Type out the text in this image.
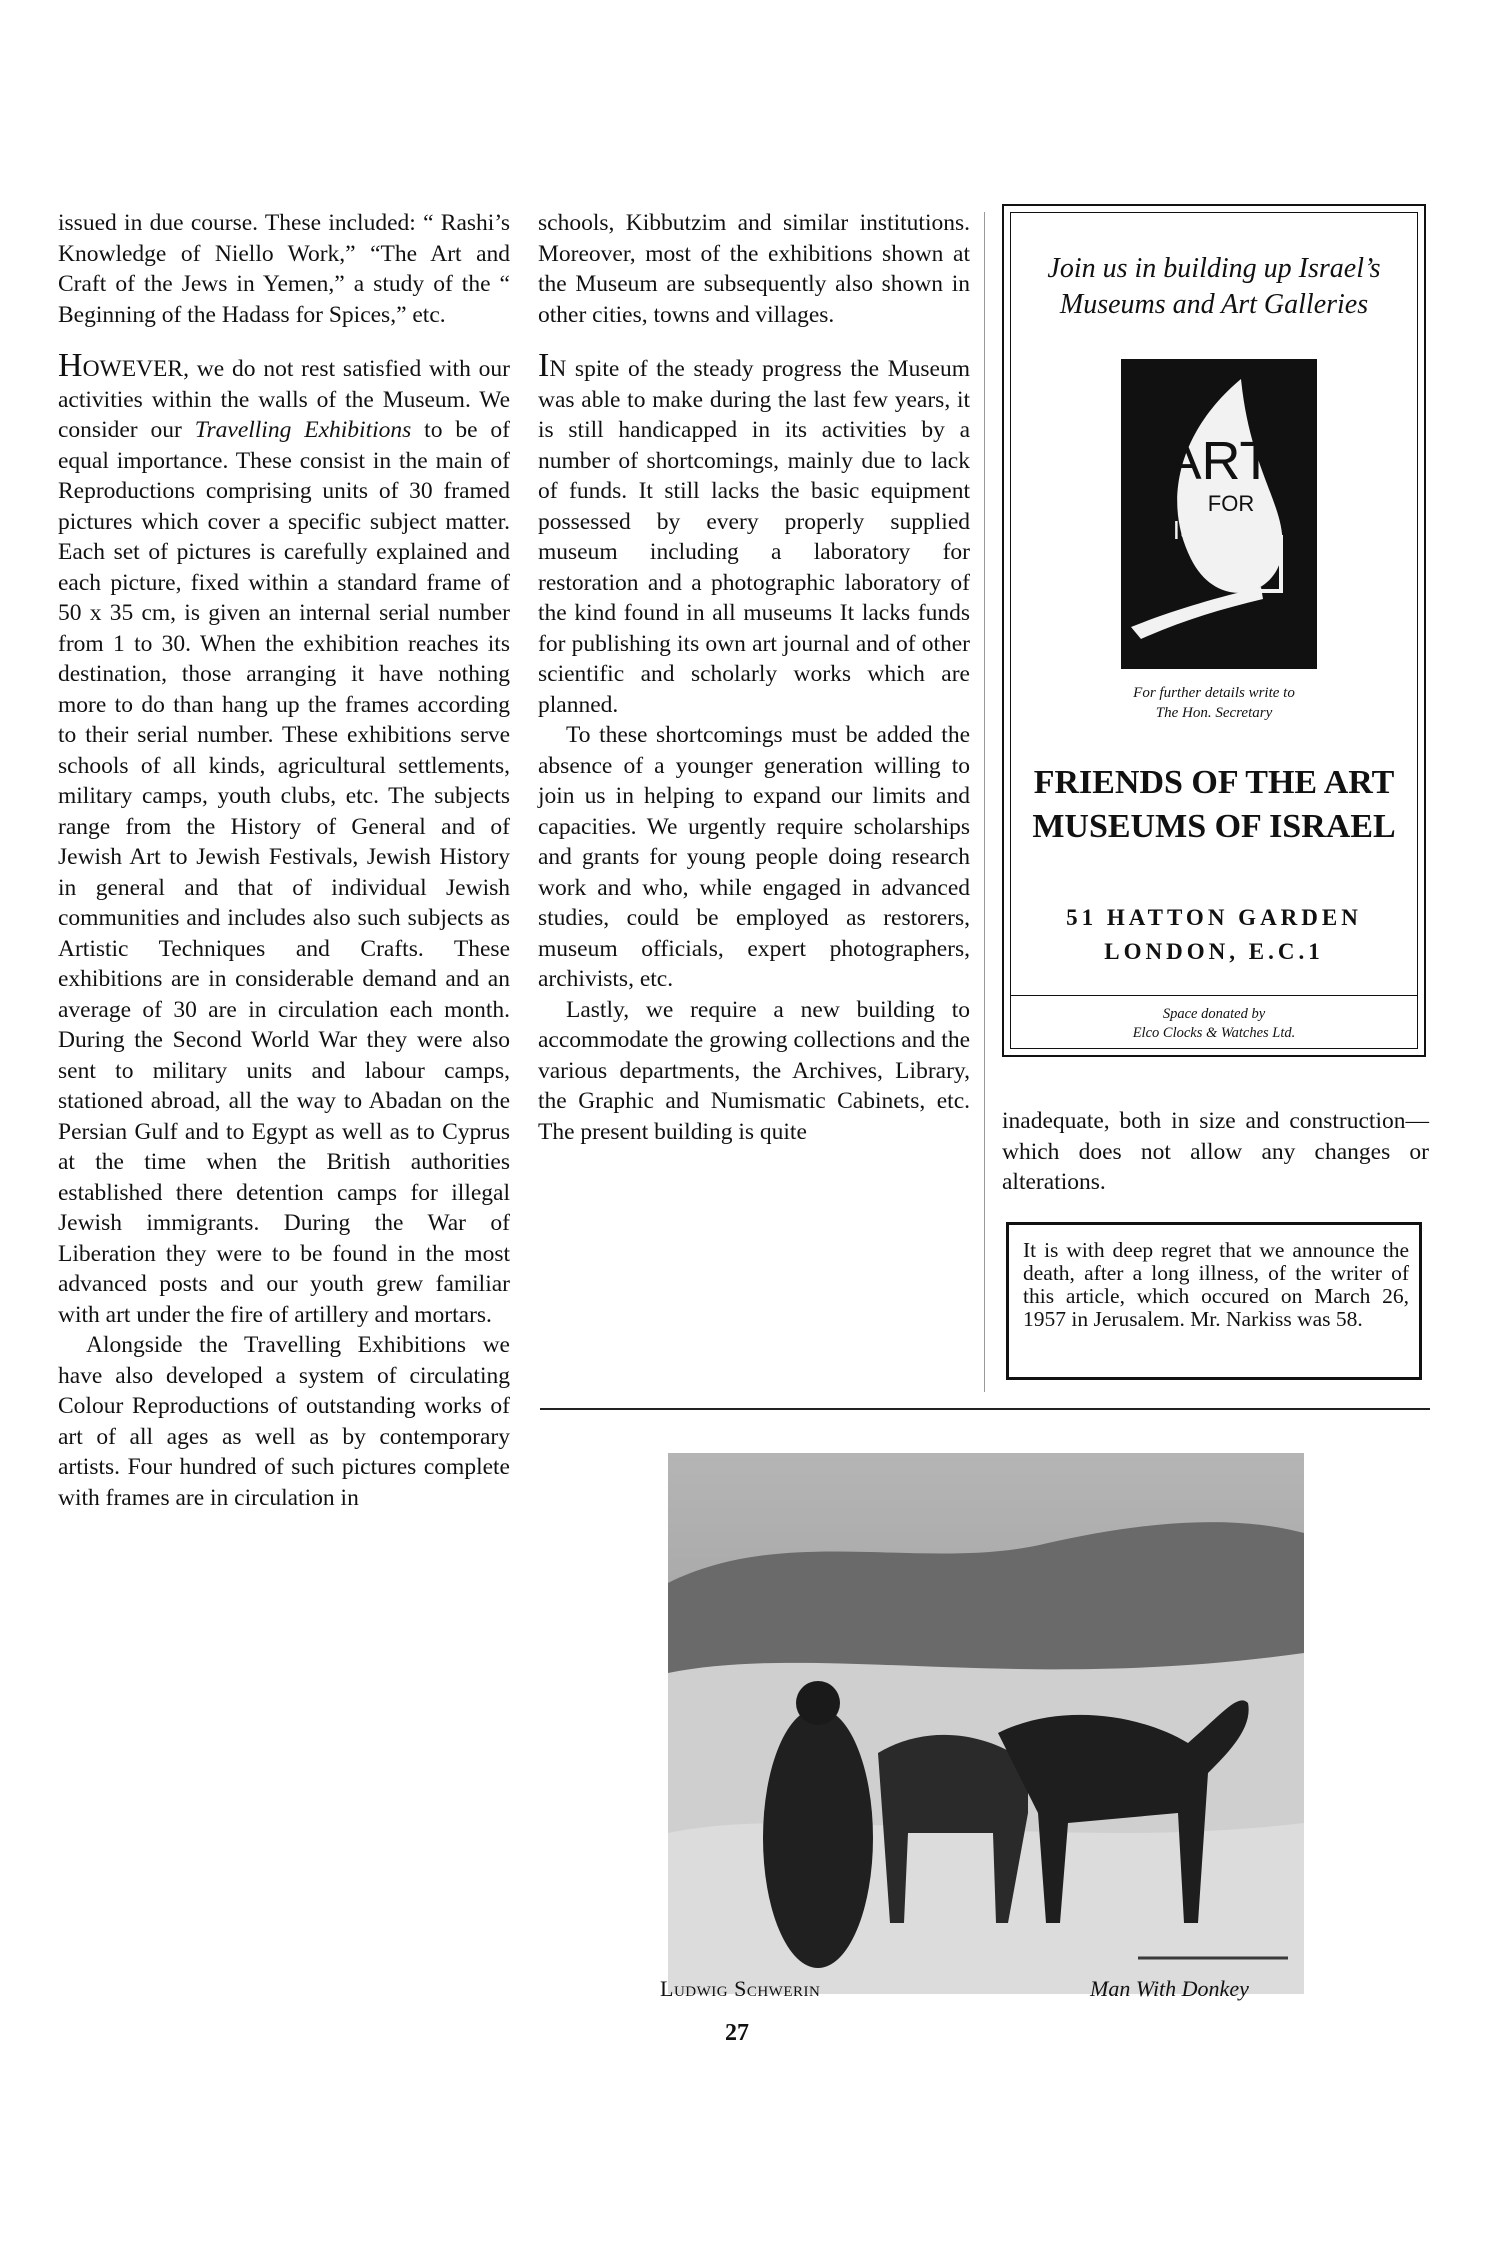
issued in due course. These included: “ Rashi’s Knowledge of Niello Work,” “The Art and Craft of the Jews in Yemen,” a study of the “ Beginning of the Hadass for Spices,” etc.

HOWEVER, we do not rest satisfied with our activities within the walls of the Museum. We consider our Travelling Exhibitions to be of equal importance. These consist in the main of Reproductions comprising units of 30 framed pictures which cover a specific subject matter. Each set of pictures is carefully explained and each picture, fixed within a standard frame of 50 x 35 cm, is given an internal serial number from 1 to 30. When the exhibition reaches its destination, those arranging it have nothing more to do than hang up the frames according to their serial number. These exhibitions serve schools of all kinds, agricultural settlements, military camps, youth clubs, etc. The subjects range from the History of General and of Jewish Art to Jewish Festivals, Jewish History in general and that of individual Jewish communities and includes also such subjects as Artistic Techniques and Crafts. These exhibitions are in considerable demand and an average of 30 are in circulation each month. During the Second World War they were also sent to military units and labour camps, stationed abroad, all the way to Abadan on the Persian Gulf and to Egypt as well as to Cyprus at the time when the British authorities established there detention camps for illegal Jewish immigrants. During the War of Liberation they were to be found in the most advanced posts and our youth grew familiar with art under the fire of artillery and mortars.

Alongside the Travelling Exhibitions we have also developed a system of circulating Colour Reproductions of outstanding works of art of all ages as well as by contemporary artists. Four hundred of such pictures complete with frames are in circulation in

schools, Kibbutzim and similar institutions. Moreover, most of the exhibitions shown at the Museum are subsequently also shown in other cities, towns and villages.

IN spite of the steady progress the Museum was able to make during the last few years, it is still handicapped in its activities by a number of shortcomings, mainly due to lack of funds. It still lacks the basic equipment possessed by every properly supplied museum including a laboratory for restoration and a photographic laboratory of the kind found in all museums It lacks funds for publishing its own art journal and of other scientific and scholarly works which are planned.

To these shortcomings must be added the absence of a younger generation willing to join us in helping to expand our limits and capacities. We urgently require scholarships and grants for young people doing research work and who, while engaged in advanced studies, could be employed as restorers, museum officials, expert photographers, archivists, etc.

Lastly, we require a new building to accommodate the growing collections and the various departments, the Archives, Library, the Graphic and Numismatic Cabinets, etc. The present building is quite

Join us in building up Israel’s Museums and Art Galleries
ART
FOR
ISRAEL
For further details write to
The Hon. Secretary
FRIENDS OF THE ART MUSEUMS OF ISRAEL
51 HATTON GARDEN
LONDON, E.C.1
Space donated by
Elco Clocks & Watches Ltd.

inadequate, both in size and construction—which does not allow any changes or alterations.

It is with deep regret that we announce the death, after a long illness, of the writer of this article, which occured on March 26, 1957 in Jerusalem. Mr. Narkiss was 58.
Ludwig Schwerin	Man With Donkey
27
